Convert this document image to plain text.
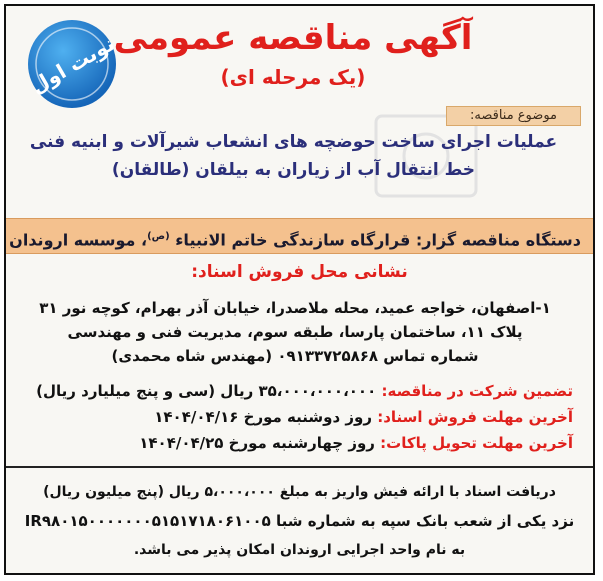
نوبت اول
آگهی مناقصه عمومی
(یک مرحله ای)
موضوع مناقصه:
عملیات اجرای ساخت حوضچه های انشعاب شیرآلات و ابنیه فنی
خط انتقال آب از زیاران به بیلقان (طالقان)
دستگاه مناقصه گزار: قرارگاه سازندگی خاتم الانبیاء $^{(ص)}$، موسسه اروندان
نشانی محل فروش اسناد:
۱-اصفهان، خواجه عمید، محله ملاصدرا، خیابان آذر بهرام، کوچه نور ۳۱
پلاک ۱۱، ساختمان پارسا، طبقه سوم، مدیریت فنی و مهندسی
شماره تماس ۰۹۱۳۳۷۲۵۸۶۸ (مهندس شاه محمدی)
تضمین شرکت در مناقصه: ۳۵،۰۰۰،۰۰۰،۰۰۰ ریال (سی و پنج میلیارد ریال)
آخرین مهلت فروش اسناد: روز دوشنبه مورخ ۱۴۰۴/۰۴/۱۶
آخرین مهلت تحویل پاکات: روز چهارشنبه مورخ ۱۴۰۴/۰۴/۲۵
دریافت اسناد با ارائه فیش واریز به مبلغ ۵،۰۰۰،۰۰۰ ریال (پنج میلیون ریال)
نزد یکی از شعب بانک سپه به شماره شبا IR۹۸۰۱۵۰۰۰۰۰۰۰۵۱۵۱۷۱۸۰۶۱۰۰۵
به نام واحد اجرایی اروندان امکان پذیر می باشد.
